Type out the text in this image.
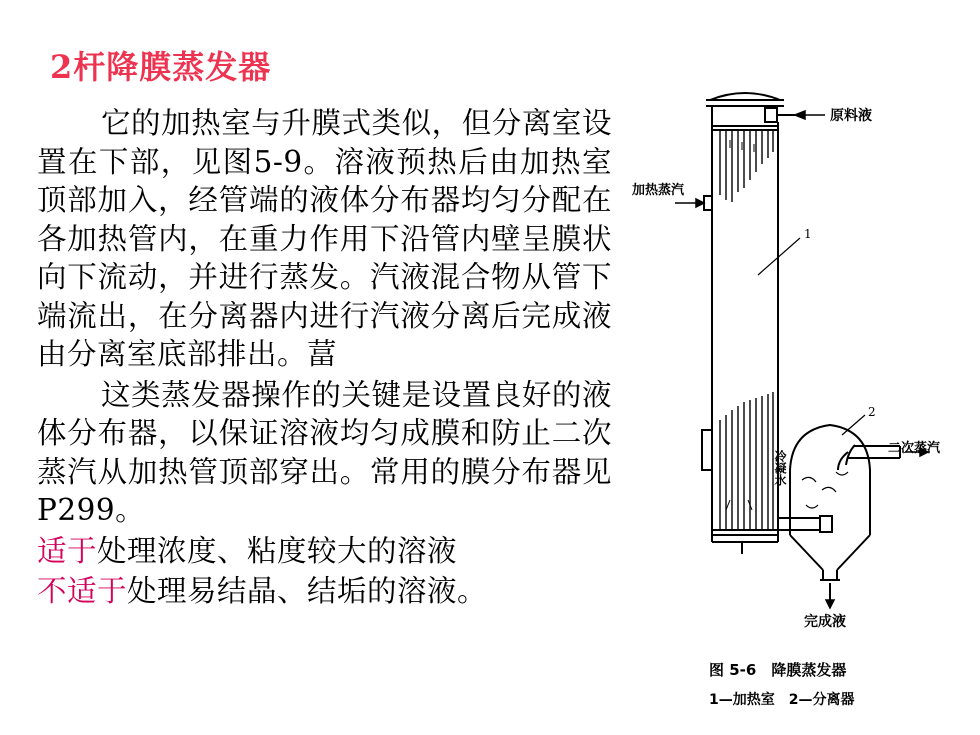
2杆降膜蒸发器

它的加热室与升膜式类似，但分离室设置在下部，见图5-9。溶液预热后由加热室顶部加入，经管端的液体分布器均匀分配在各加热管内，在重力作用下沿管内壁呈膜状向下流动，并进行蒸发。汽液混合物从管下端流出，在分离器内进行汽液分离后完成液由分离室底部排出。葍

这类蒸发器操作的关键是设置良好的液体分布器，以保证溶液均匀成膜和防止二次蒸汽从加热管顶部穿出。常用的膜分布器见P299。

适于处理浓度、粘度较大的溶液

不适于处理易结晶、结垢的溶液。

原料液
加热蒸汽
二次蒸汽
完成液
1
2
冷凝水
图 5-6　降膜蒸发器
1—加热室　2—分离器
